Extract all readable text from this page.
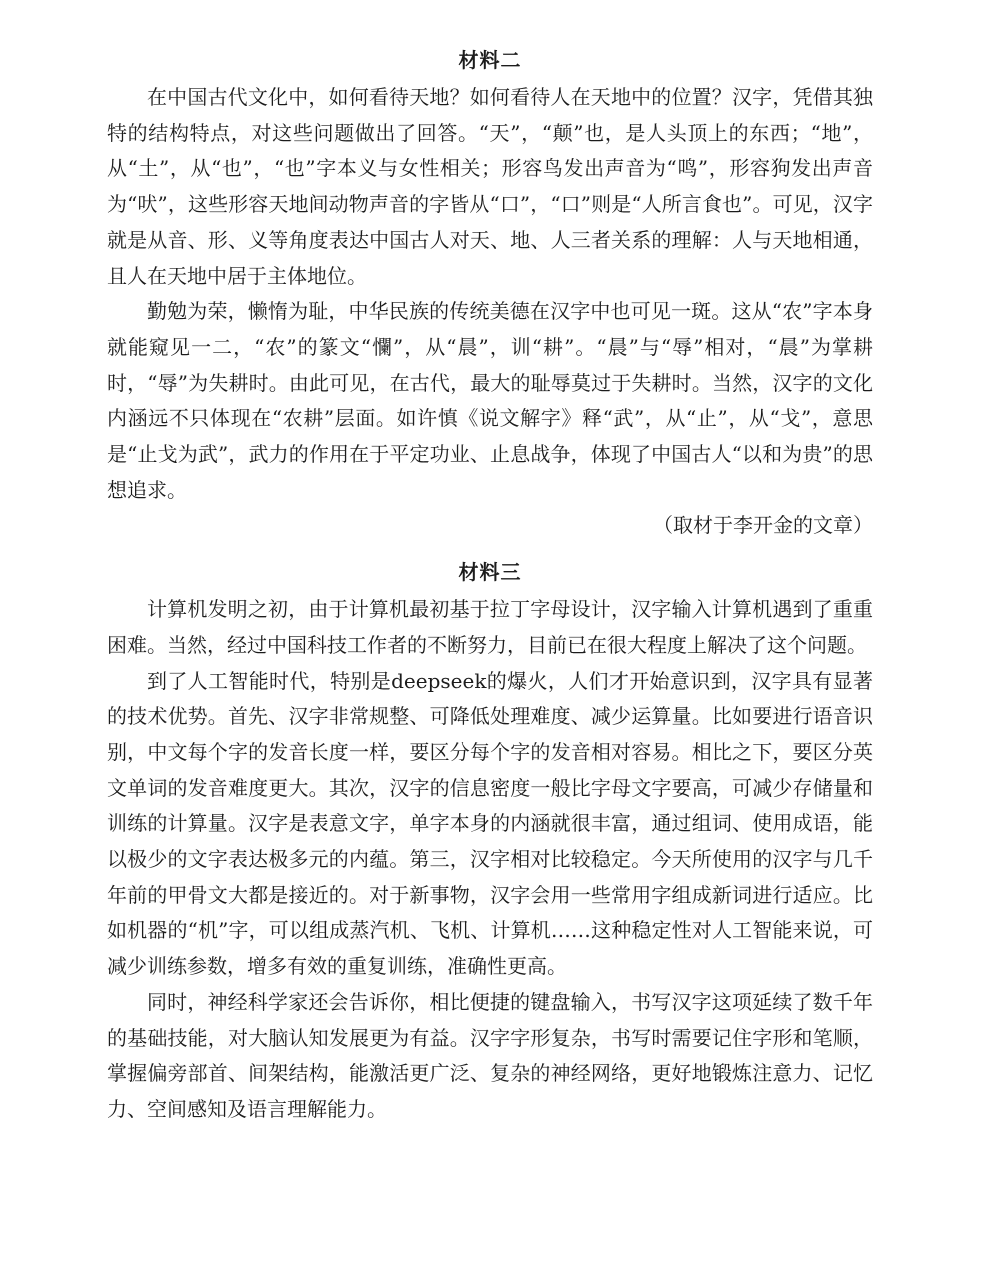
材料二

在中国古代文化中，如何看待天地？如何看待人在天地中的位置？汉字，凭借其独特的结构特点，对这些问题做出了回答。“天”，“颠”也，是人头顶上的东西；“地”，从“土”，从“也”，“也”字本义与女性相关；形容鸟发出声音为“鸣”，形容狗发出声音为“吠”，这些形容天地间动物声音的字皆从“口”，“口”则是“人所言食也”。可见，汉字就是从音、形、义等角度表达中国古人对天、地、人三者关系的理解：人与天地相通，且人在天地中居于主体地位。

勤勉为荣，懒惰为耻，中华民族的传统美德在汉字中也可见一斑。这从“农”字本身就能窥见一二，“农”的篆文“㦨”，从“晨”，训“耕”。“晨”与“辱”相对，“晨”为掌耕时，“辱”为失耕时。由此可见，在古代，最大的耻辱莫过于失耕时。当然，汉字的文化内涵远不只体现在“农耕”层面。如许慎《说文解字》释“武”，从“止”，从“戈”，意思是“止戈为武”，武力的作用在于平定功业、止息战争，体现了中国古人“以和为贵”的思想追求。

（取材于李开金的文章）

材料三

计算机发明之初，由于计算机最初基于拉丁字母设计，汉字输入计算机遇到了重重困难。当然，经过中国科技工作者的不断努力，目前已在很大程度上解决了这个问题。

到了人工智能时代，特别是deepseek的爆火，人们才开始意识到，汉字具有显著的技术优势。首先、汉字非常规整、可降低处理难度、减少运算量。比如要进行语音识别，中文每个字的发音长度一样，要区分每个字的发音相对容易。相比之下，要区分英文单词的发音难度更大。其次，汉字的信息密度一般比字母文字要高，可减少存储量和训练的计算量。汉字是表意文字，单字本身的内涵就很丰富，通过组词、使用成语，能以极少的文字表达极多元的内蕴。第三，汉字相对比较稳定。今天所使用的汉字与几千年前的甲骨文大都是接近的。对于新事物，汉字会用一些常用字组成新词进行适应。比如机器的“机”字，可以组成蒸汽机、飞机、计算机……这种稳定性对人工智能来说，可减少训练参数，增多有效的重复训练，准确性更高。

同时，神经科学家还会告诉你，相比便捷的键盘输入，书写汉字这项延续了数千年的基础技能，对大脑认知发展更为有益。汉字字形复杂，书写时需要记住字形和笔顺，掌握偏旁部首、间架结构，能激活更广泛、复杂的神经网络，更好地锻炼注意力、记忆力、空间感知及语言理解能力。
